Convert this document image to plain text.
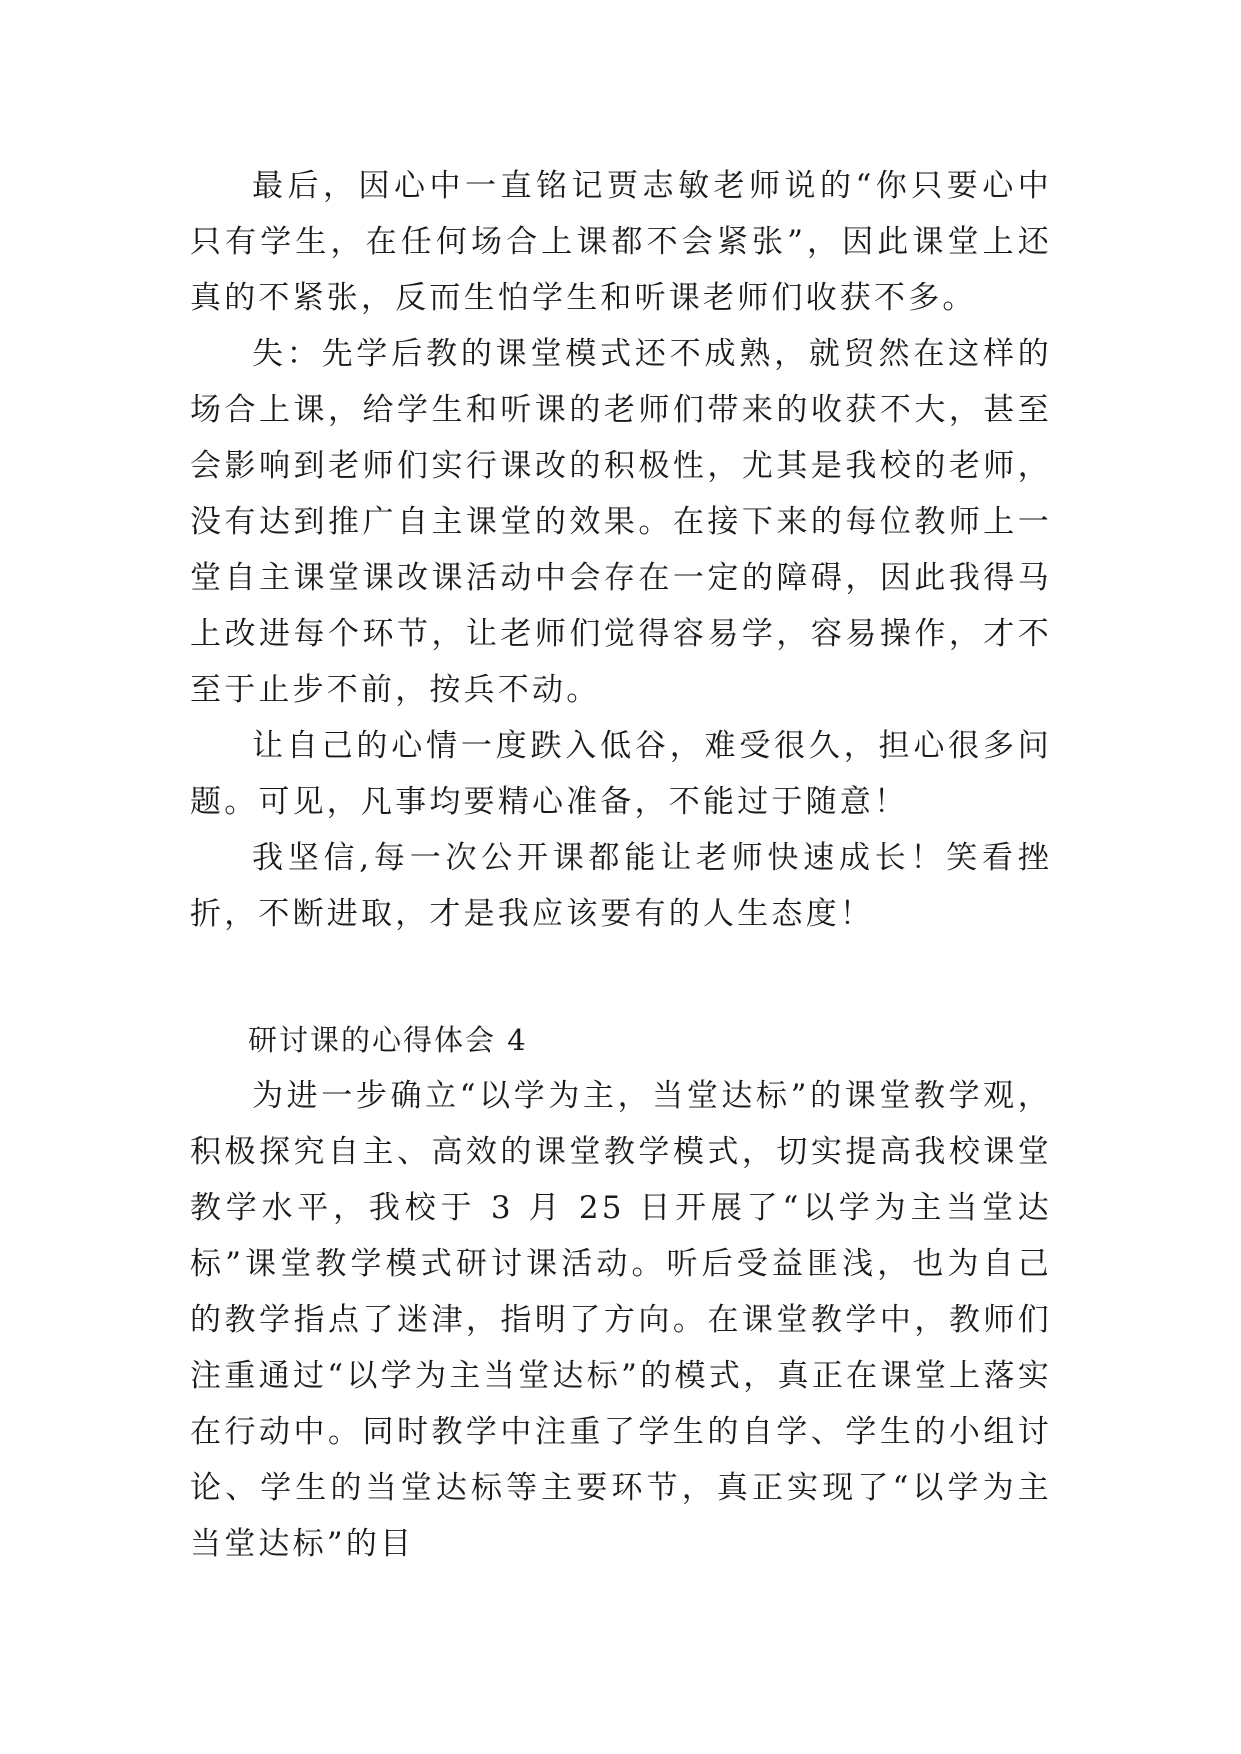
最后，因心中一直铭记贾志敏老师说的“你只要心中只有学生，在任何场合上课都不会紧张”，因此课堂上还真的不紧张，反而生怕学生和听课老师们收获不多。

失：先学后教的课堂模式还不成熟，就贸然在这样的场合上课，给学生和听课的老师们带来的收获不大，甚至会影响到老师们实行课改的积极性，尤其是我校的老师，没有达到推广自主课堂的效果。在接下来的每位教师上一堂自主课堂课改课活动中会存在一定的障碍，因此我得马上改进每个环节，让老师们觉得容易学，容易操作，才不至于止步不前，按兵不动。

让自己的心情一度跌入低谷，难受很久，担心很多问题。可见，凡事均要精心准备，不能过于随意！

我坚信,每一次公开课都能让老师快速成长！笑看挫折，不断进取，才是我应该要有的人生态度！

研讨课的心得体会 4

为进一步确立“以学为主，当堂达标”的课堂教学观，积极探究自主、高效的课堂教学模式，切实提高我校课堂教学水平，我校于 3 月 25 日开展了“以学为主当堂达标”课堂教学模式研讨课活动。听后受益匪浅，也为自己的教学指点了迷津，指明了方向。在课堂教学中，教师们注重通过“以学为主当堂达标”的模式，真正在课堂上落实在行动中。同时教学中注重了学生的自学、学生的小组讨论、学生的当堂达标等主要环节，真正实现了“以学为主当堂达标”的目
